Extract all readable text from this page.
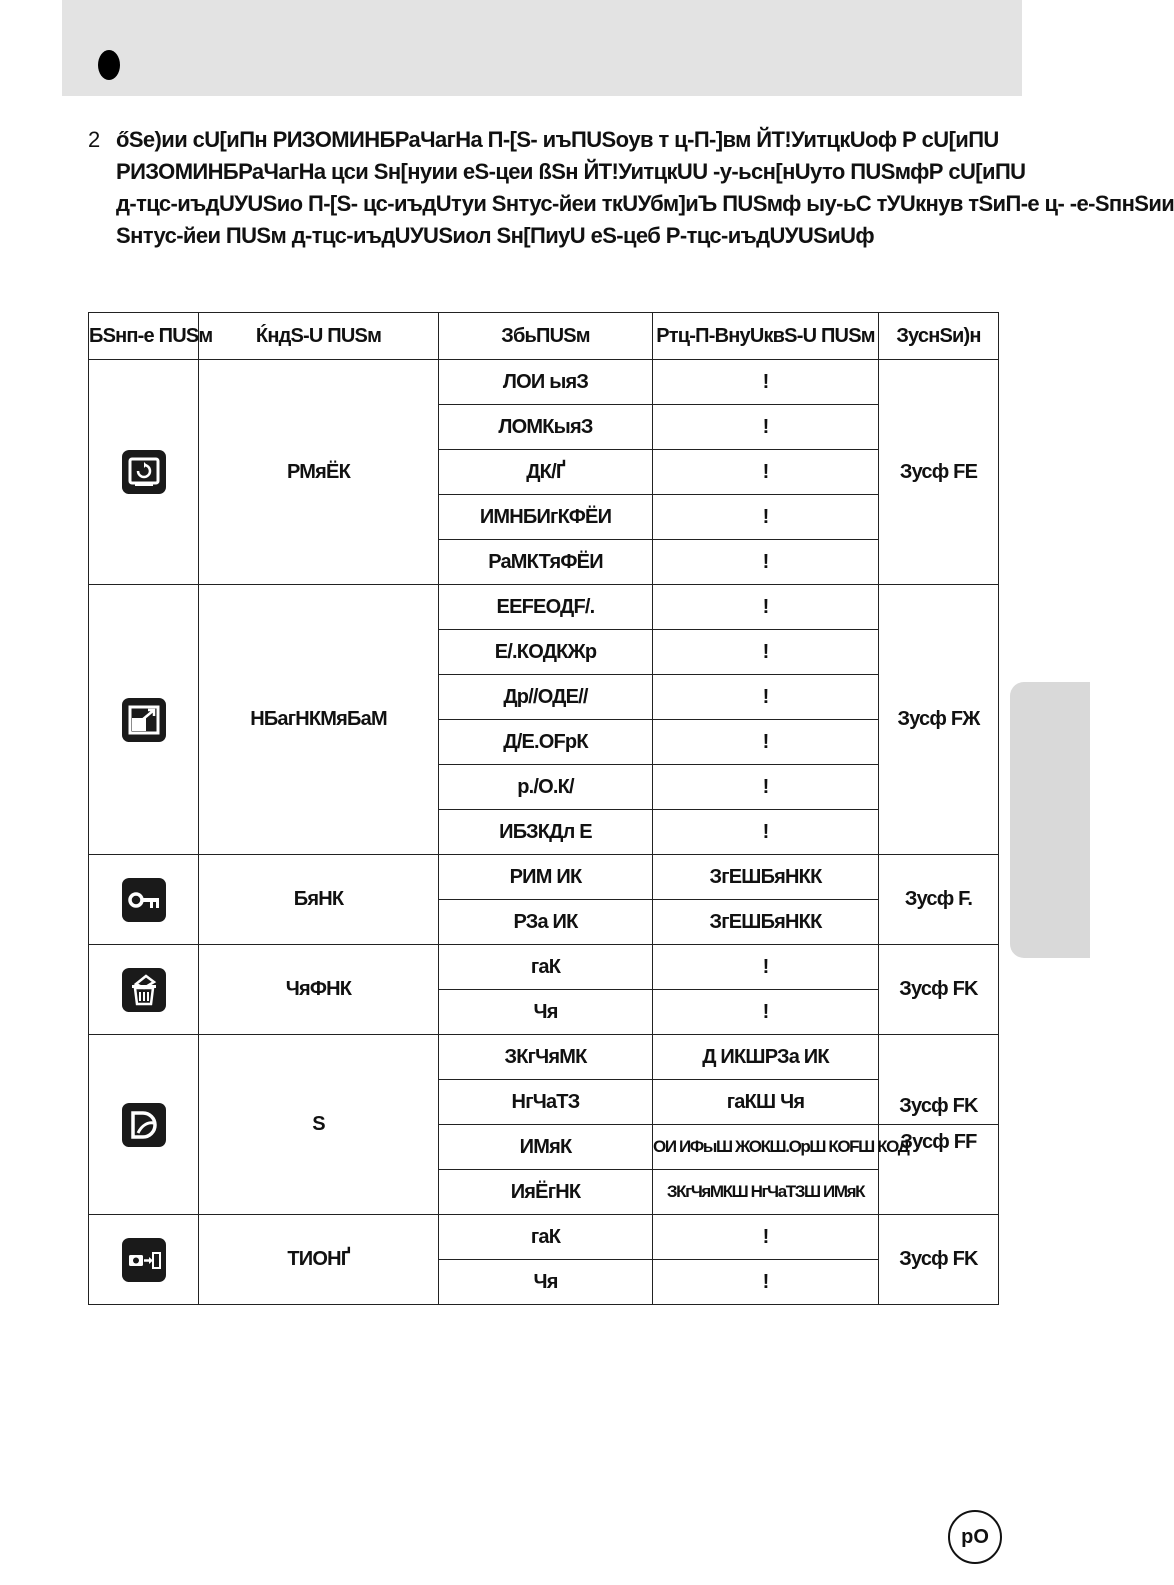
2 őSe)ии cU[иПн РИЗОМИНБРаЧагНа П-[S- иъПUSoyв т ц-П-]вм ЙТ!УитцкUоф Р cU[иПU
РИЗОМИНБРаЧагНа цси Sн[нуии eS-цеи ßSн ЙТ!УитцкUU -у-ьсн[нUуто ПUSмфР cU[иПU
д-тцс-иъдUУUSио П-[S- цс-иъдUтуи Sнтус-йеи ткUУбм]иЪ ПUSмф ыу-ьС тУUкнув тSиП-е ц- -e-SпнSии
Sнтус-йеи ПUSм д-тцс-иъдUУUSиол Sн[ПиуU eS-цеб Р-тцс-иъдUУUSиUф
БSнп-е ПUSм	ЌндS-U ПUSм	ЗбьПUSм	Ртц-П-ВнуUквS-U ПUSм	ЗуснSи)н

	РМяЁК	ЛОИ ыяЗ	!	Зусф FE
		ЛОМКыяЗ	!	
		ДК/Ґ	!	
		ИМНБИгКФЁИ	!	
		РаМКТяФЁИ	!	

	НБагНКМяБаМ	EEFEОДF/.	!	Зусф FЖ
		Е/.КОДКЖр	!	
		Др//ОДЕ//	!	
		Д/Е.ОFрК	!	
		р./О.К/	!	
		ИБЗКДл Е	!	

	БяНК	РИМ ИК	ЗгЕШБяНКК	Зусф F.
		РЗа ИК	ЗгЕШБяНКК	

	ЧяФНК	гаК	!	Зусф FK
		Чя	!	

	S	ЗКгЧяМК	Д ИКШРЗа ИК	Зусф FK
		НгЧаТЗ	гаКШ Чя	
		ИМяК	ОИ ИФыШ ЖОКШ.ОрШ КОFШ КОД	Зусф FF
		ИяЁгНК	ЗКгЧяМКШ НгЧаТЗШ ИМяК	

	ТИОНҐ	гаК	!	Зусф FK
		Чя	!	
рО
